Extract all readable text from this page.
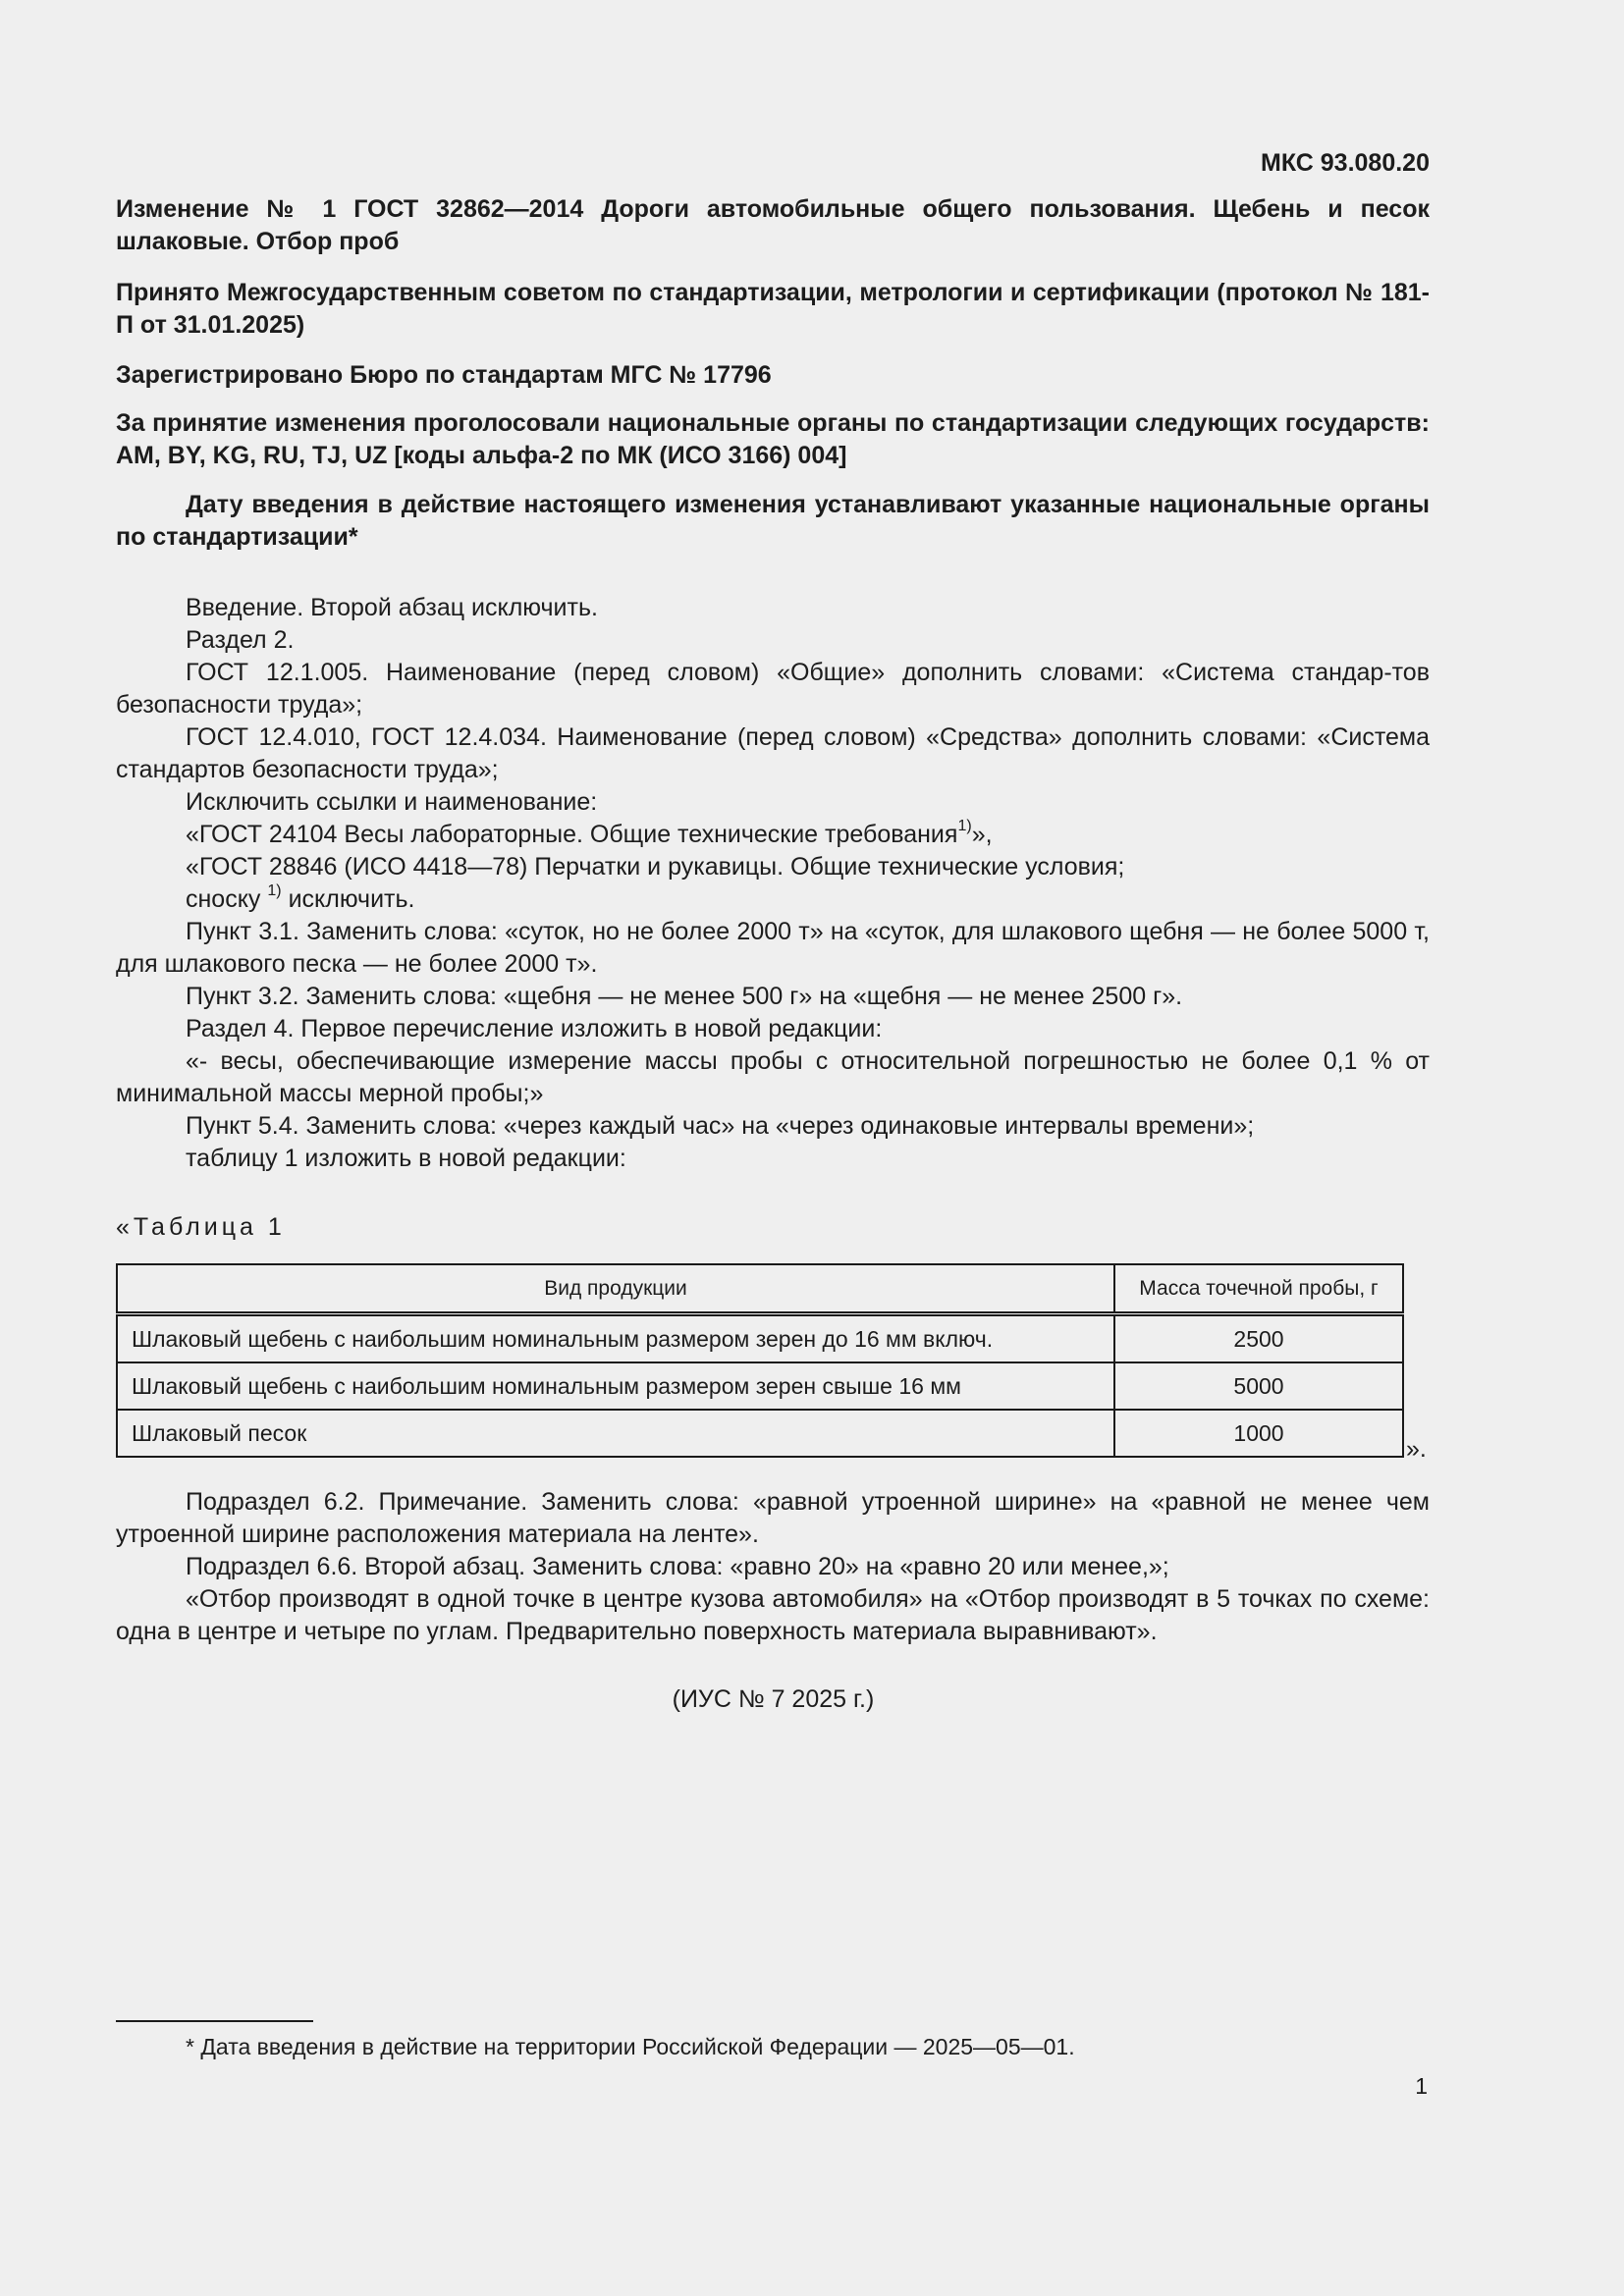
МКС 93.080.20
Изменение № 1 ГОСТ 32862—2014 Дороги автомобильные общего пользования. Щебень и песок шлаковые. Отбор проб
Принято Межгосударственным советом по стандартизации, метрологии и сертификации (протокол № 181-П от 31.01.2025)
Зарегистрировано Бюро по стандартам МГС № 17796
За принятие изменения проголосовали национальные органы по стандартизации следующих государств: AM, BY, KG, RU, TJ, UZ [коды альфа-2 по МК (ИСО 3166) 004]
Дату введения в действие настоящего изменения устанавливают указанные национальные органы по стандартизации*

Введение. Второй абзац исключить.

Раздел 2.

ГОСТ 12.1.005. Наименование (перед словом) «Общие» дополнить словами: «Система стандар-тов безопасности труда»;

ГОСТ 12.4.010, ГОСТ 12.4.034. Наименование (перед словом) «Средства» дополнить словами: «Система стандартов безопасности труда»;

Исключить ссылки и наименование:

«ГОСТ 24104 Весы лабораторные. Общие технические требования$^{1)}$»,

«ГОСТ 28846 (ИСО 4418—78) Перчатки и рукавицы. Общие технические условия;

сноску $^{1)}$ исключить.

Пункт 3.1. Заменить слова: «суток, но не более 2000 т» на «суток, для шлакового щебня — не более 5000 т, для шлакового песка — не более 2000 т».

Пункт 3.2. Заменить слова: «щебня — не менее 500 г» на «щебня — не менее 2500 г».

Раздел 4. Первое перечисление изложить в новой редакции:

«- весы, обеспечивающие измерение массы пробы с относительной погрешностью не более 0,1 % от минимальной массы мерной пробы;»

Пункт 5.4. Заменить слова: «через каждый час» на «через одинаковые интервалы времени»;

таблицу 1 изложить в новой редакции:

«Таблица 1
Вид продукции	Масса точечной пробы, г
Шлаковый щебень с наибольшим номинальным размером зерен до 16 мм включ.	2500
Шлаковый щебень с наибольшим номинальным размером зерен свыше 16 мм	5000
Шлаковый песок	1000
».

Подраздел 6.2. Примечание. Заменить слова: «равной утроенной ширине» на «равной не менее чем утроенной ширине расположения материала на ленте».

Подраздел 6.6. Второй абзац. Заменить слова: «равно 20» на «равно 20 или менее,»;

«Отбор производят в одной точке в центре кузова автомобиля» на «Отбор производят в 5 точках по схеме: одна в центре и четыре по углам. Предварительно поверхность материала выравнивают».

(ИУС № 7 2025 г.)
* Дата введения в действие на территории Российской Федерации — 2025—05—01.
1
